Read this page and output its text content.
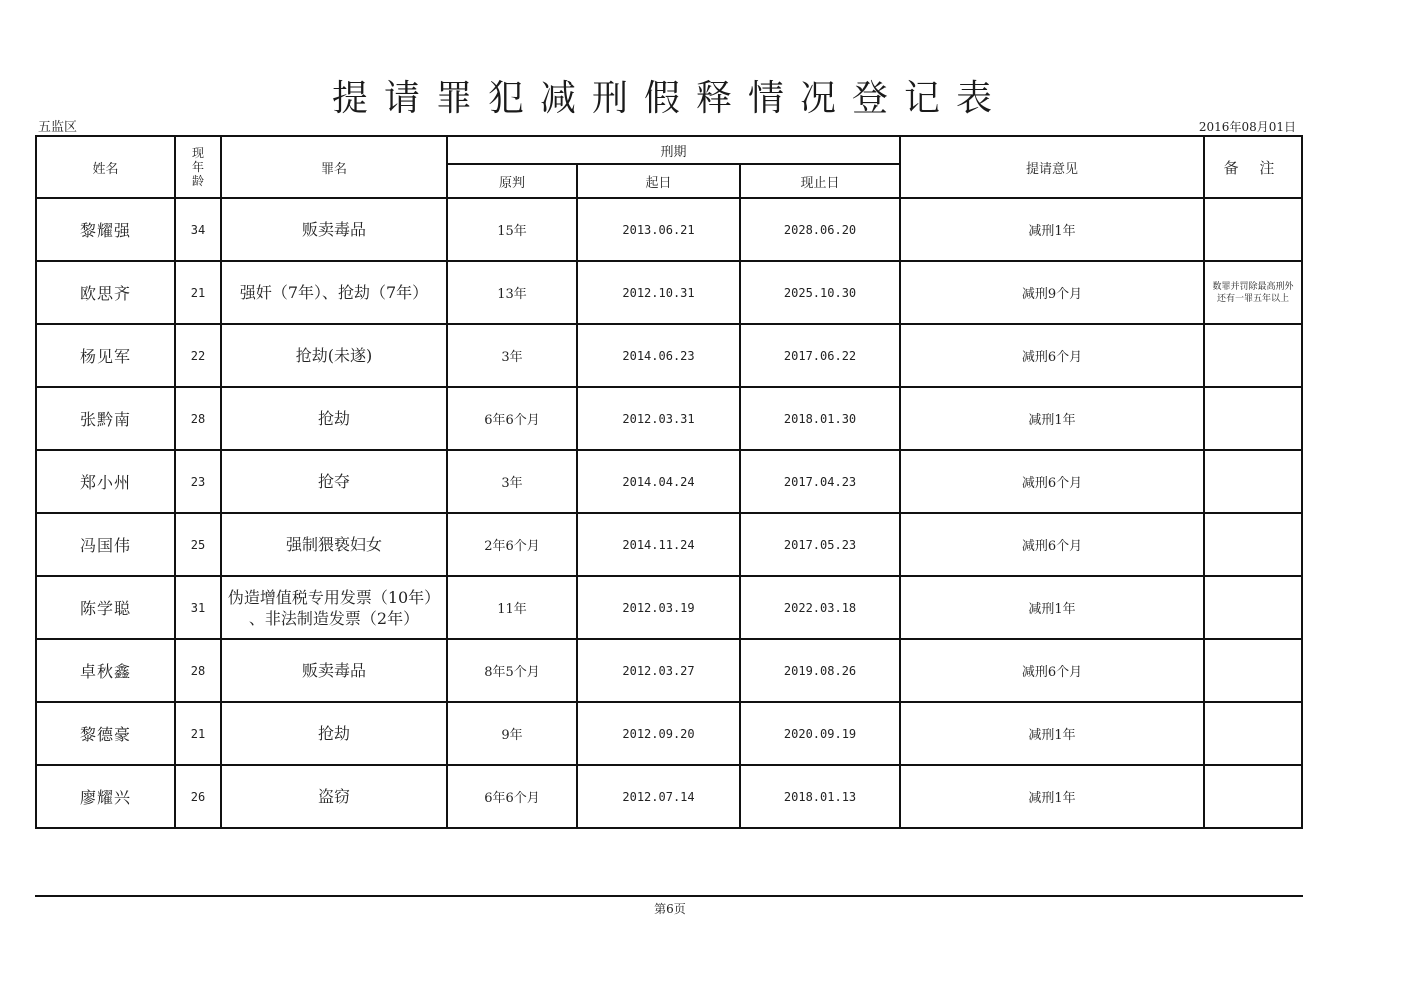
提请罪犯减刑假释情况登记表
五监区	2016年08月01日
姓名	现
年
龄	罪名	刑期			提请意见	备 注
			原判	起日	现止日		
黎耀强	34	贩卖毒品	15年	2013.06.21	2028.06.20	减刑1年	
欧思齐	21	强奸（7年）、抢劫（7年）	13年	2012.10.31	2025.10.30	减刑9个月	数罪并罚除最高刑外
还有一罪五年以上

杨见军	22	抢劫(未遂)	3年	2014.06.23	2017.06.22	减刑6个月	
张黔南	28	抢劫	6年6个月	2012.03.31	2018.01.30	减刑1年	
郑小州	23	抢夺	3年	2014.04.24	2017.04.23	减刑6个月	
冯国伟	25	强制猥亵妇女	2年6个月	2014.11.24	2017.05.23	减刑6个月	
陈学聪	31	伪造增值税专用发票（10年）
、非法制造发票（2年）	11年	2012.03.19	2022.03.18	减刑1年	
卓秋鑫	28	贩卖毒品	8年5个月	2012.03.27	2019.08.26	减刑6个月	
黎德豪	21	抢劫	9年	2012.09.20	2020.09.19	减刑1年	
廖耀兴	26	盗窃	6年6个月	2012.07.14	2018.01.13	减刑1年	
第6页
